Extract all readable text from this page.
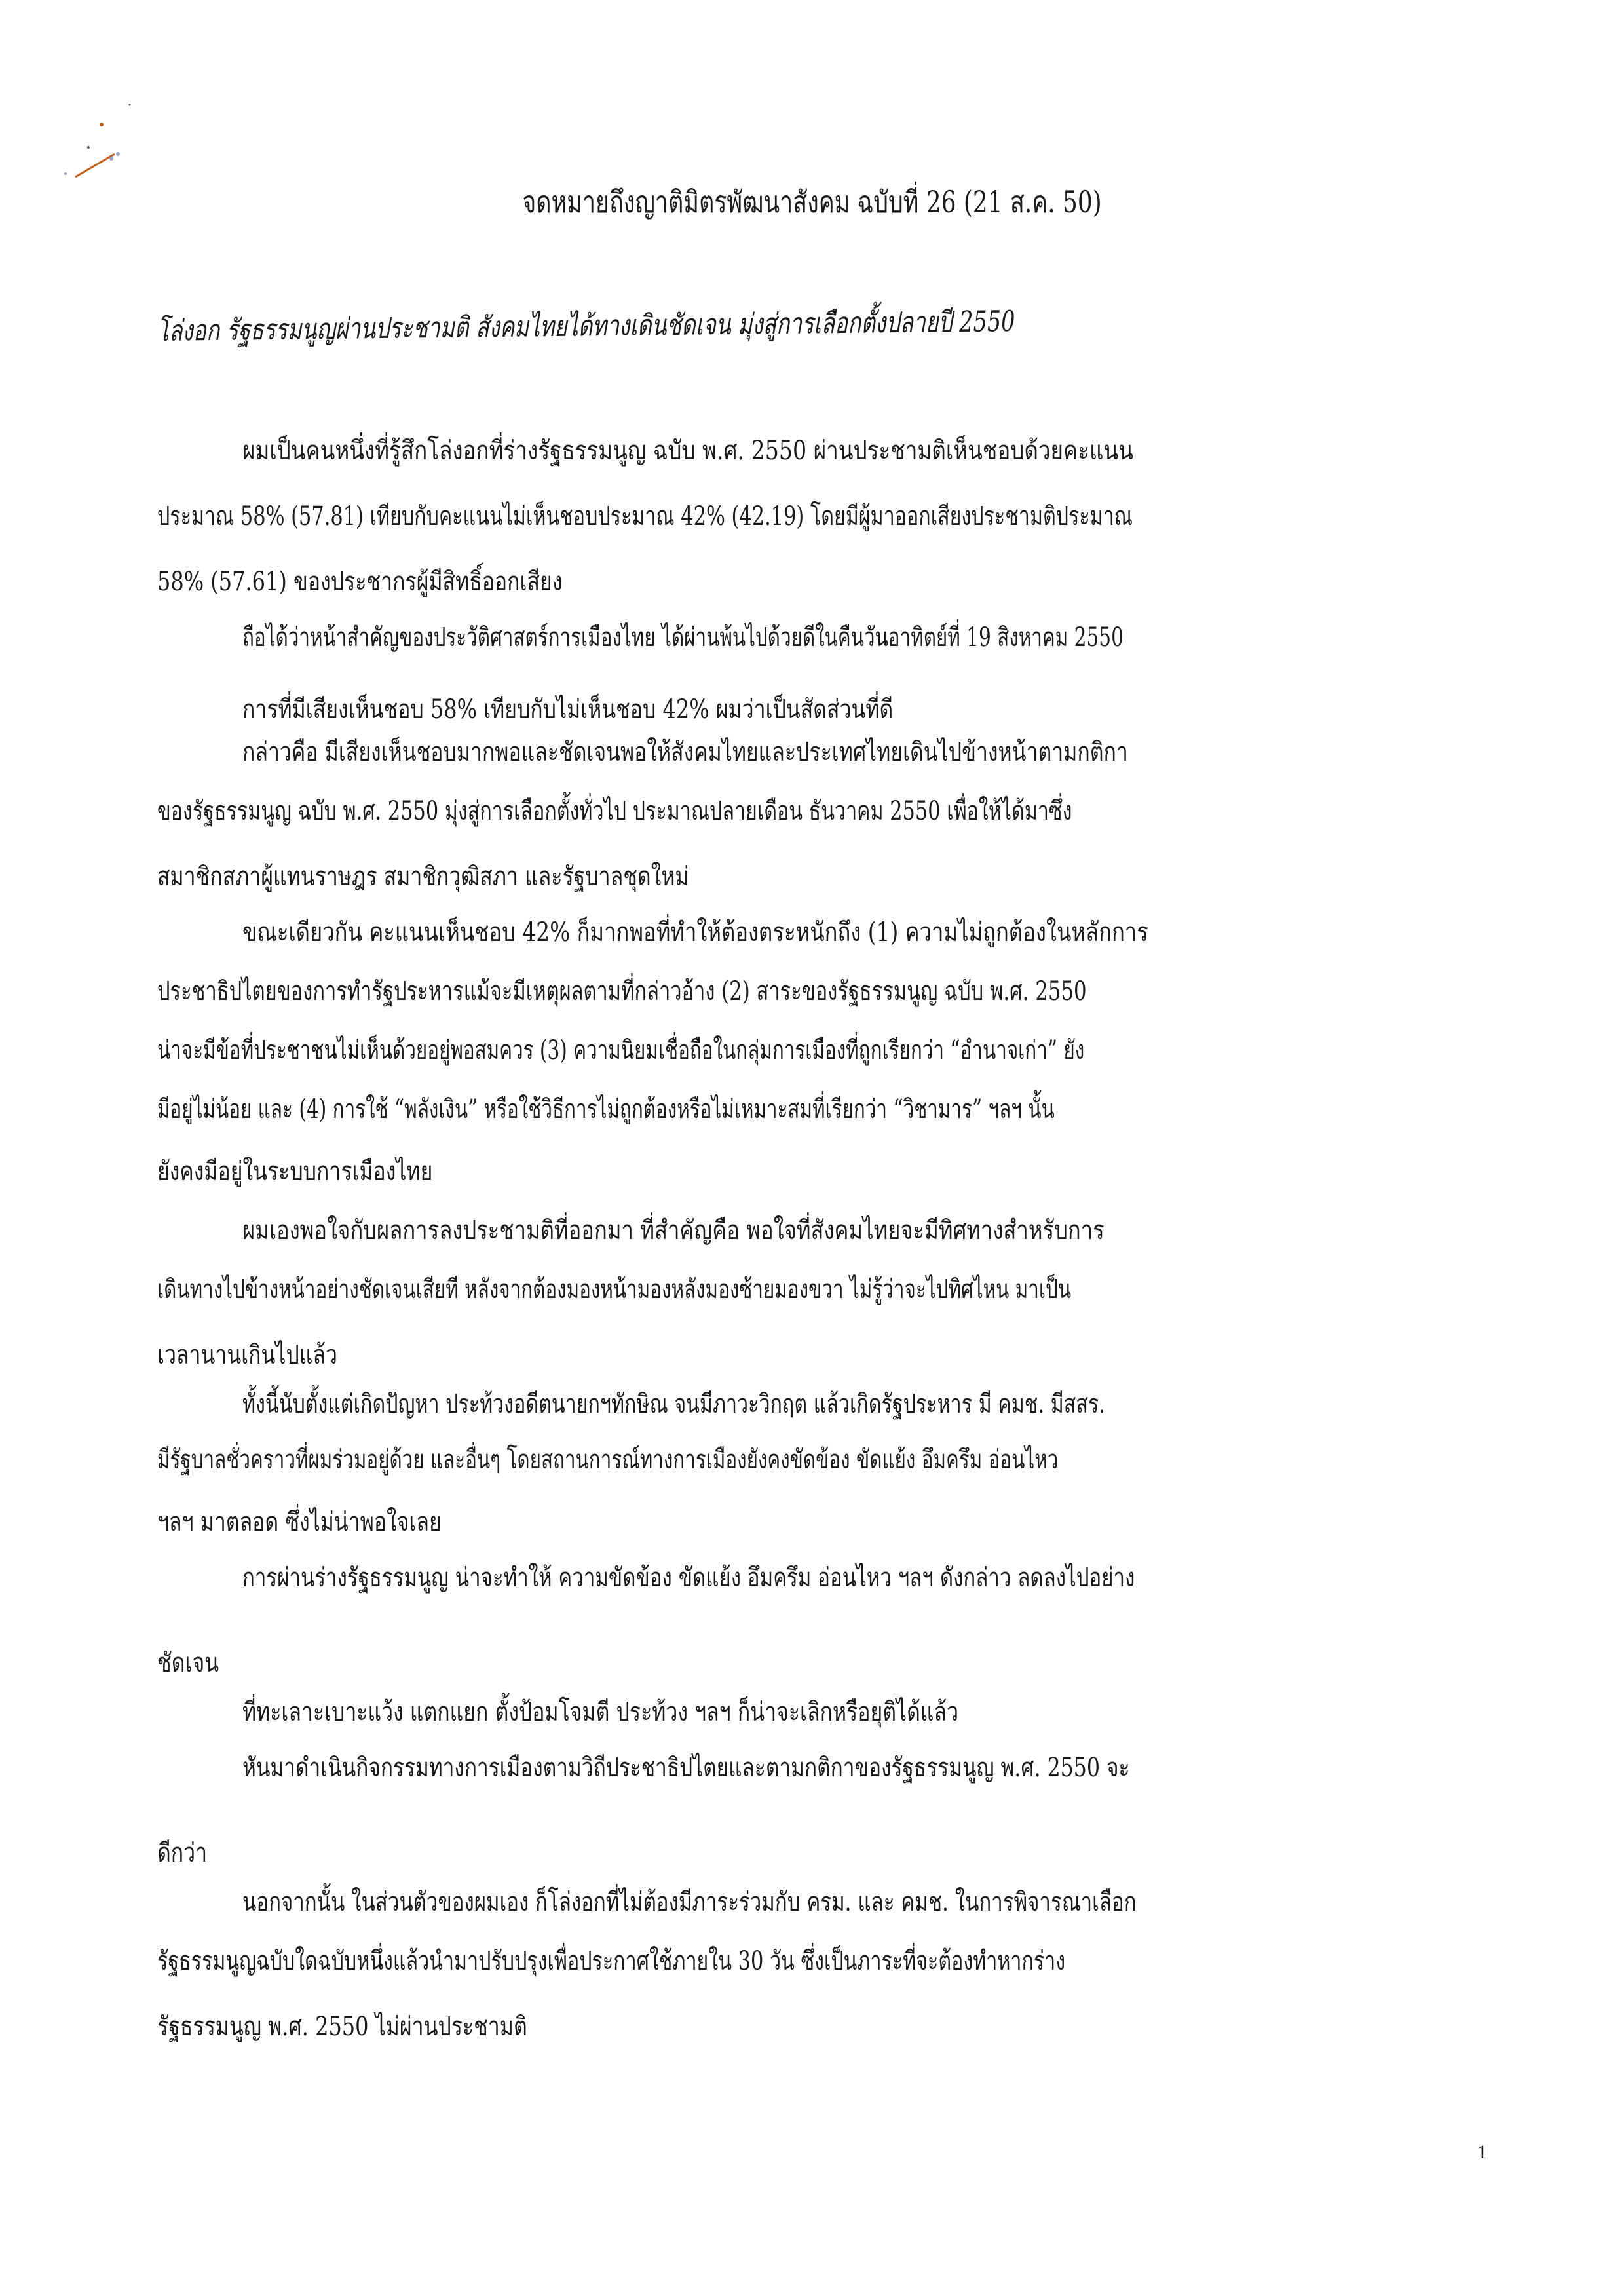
จดหมายถึงญาติมิตรพัฒนาสังคม ฉบับที่ 26 (21 ส.ค. 50)
โล่งอก รัฐธรรมนูญผ่านประชามติ สังคมไทยได้ทางเดินชัดเจน มุ่งสู่การเลือกตั้งปลายปี 2550
ผมเป็นคนหนึ่งที่รู้สึกโล่งอกที่ร่างรัฐธรรมนูญ ฉบับ พ.ศ. 2550 ผ่านประชามติเห็นชอบด้วยคะแนน
ประมาณ 58% (57.81) เทียบกับคะแนนไม่เห็นชอบประมาณ 42% (42.19) โดยมีผู้มาออกเสียงประชามติประมาณ
58% (57.61) ของประชากรผู้มีสิทธิ์ออกเสียง
ถือได้ว่าหน้าสำคัญของประวัติศาสตร์การเมืองไทย ได้ผ่านพ้นไปด้วยดีในคืนวันอาทิตย์ที่ 19 สิงหาคม 2550
การที่มีเสียงเห็นชอบ 58% เทียบกับไม่เห็นชอบ 42% ผมว่าเป็นสัดส่วนที่ดี
กล่าวคือ มีเสียงเห็นชอบมากพอและชัดเจนพอให้สังคมไทยและประเทศไทยเดินไปข้างหน้าตามกติกา
ของรัฐธรรมนูญ ฉบับ พ.ศ. 2550 มุ่งสู่การเลือกตั้งทั่วไป ประมาณปลายเดือน ธันวาคม 2550 เพื่อให้ได้มาซึ่ง
สมาชิกสภาผู้แทนราษฎร สมาชิกวุฒิสภา และรัฐบาลชุดใหม่
ขณะเดียวกัน คะแนนเห็นชอบ 42% ก็มากพอที่ทำให้ต้องตระหนักถึง (1) ความไม่ถูกต้องในหลักการ
ประชาธิปไตยของการทำรัฐประหารแม้จะมีเหตุผลตามที่กล่าวอ้าง (2) สาระของรัฐธรรมนูญ ฉบับ พ.ศ. 2550
น่าจะมีข้อที่ประชาชนไม่เห็นด้วยอยู่พอสมควร (3) ความนิยมเชื่อถือในกลุ่มการเมืองที่ถูกเรียกว่า “อำนาจเก่า” ยัง
มีอยู่ไม่น้อย และ (4) การใช้ “พลังเงิน” หรือใช้วิธีการไม่ถูกต้องหรือไม่เหมาะสมที่เรียกว่า “วิชามาร” ฯลฯ นั้น
ยังคงมีอยู่ในระบบการเมืองไทย
ผมเองพอใจกับผลการลงประชามติที่ออกมา ที่สำคัญคือ พอใจที่สังคมไทยจะมีทิศทางสำหรับการ
เดินทางไปข้างหน้าอย่างชัดเจนเสียที หลังจากต้องมองหน้ามองหลังมองซ้ายมองขวา ไม่รู้ว่าจะไปทิศไหน มาเป็น
เวลานานเกินไปแล้ว
ทั้งนี้นับตั้งแต่เกิดปัญหา ประท้วงอดีตนายกฯทักษิณ จนมีภาวะวิกฤต แล้วเกิดรัฐประหาร มี คมช. มีสสร.
มีรัฐบาลชั่วคราวที่ผมร่วมอยู่ด้วย และอื่นๆ โดยสถานการณ์ทางการเมืองยังคงขัดข้อง ขัดแย้ง อึมครึม อ่อนไหว
ฯลฯ มาตลอด ซึ่งไม่น่าพอใจเลย
การผ่านร่างรัฐธรรมนูญ น่าจะทำให้ ความขัดข้อง ขัดแย้ง อึมครึม อ่อนไหว ฯลฯ ดังกล่าว ลดลงไปอย่าง
ชัดเจน
ที่ทะเลาะเบาะแว้ง แตกแยก ตั้งป้อมโจมตี ประท้วง ฯลฯ ก็น่าจะเลิกหรือยุติได้แล้ว
หันมาดำเนินกิจกรรมทางการเมืองตามวิถีประชาธิปไตยและตามกติกาของรัฐธรรมนูญ พ.ศ. 2550 จะ
ดีกว่า
นอกจากนั้น ในส่วนตัวของผมเอง ก็โล่งอกที่ไม่ต้องมีภาระร่วมกับ ครม. และ คมช. ในการพิจารณาเลือก
รัฐธรรมนูญฉบับใดฉบับหนึ่งแล้วนำมาปรับปรุงเพื่อประกาศใช้ภายใน 30 วัน ซึ่งเป็นภาระที่จะต้องทำหากร่าง
รัฐธรรมนูญ พ.ศ. 2550 ไม่ผ่านประชามติ
1
